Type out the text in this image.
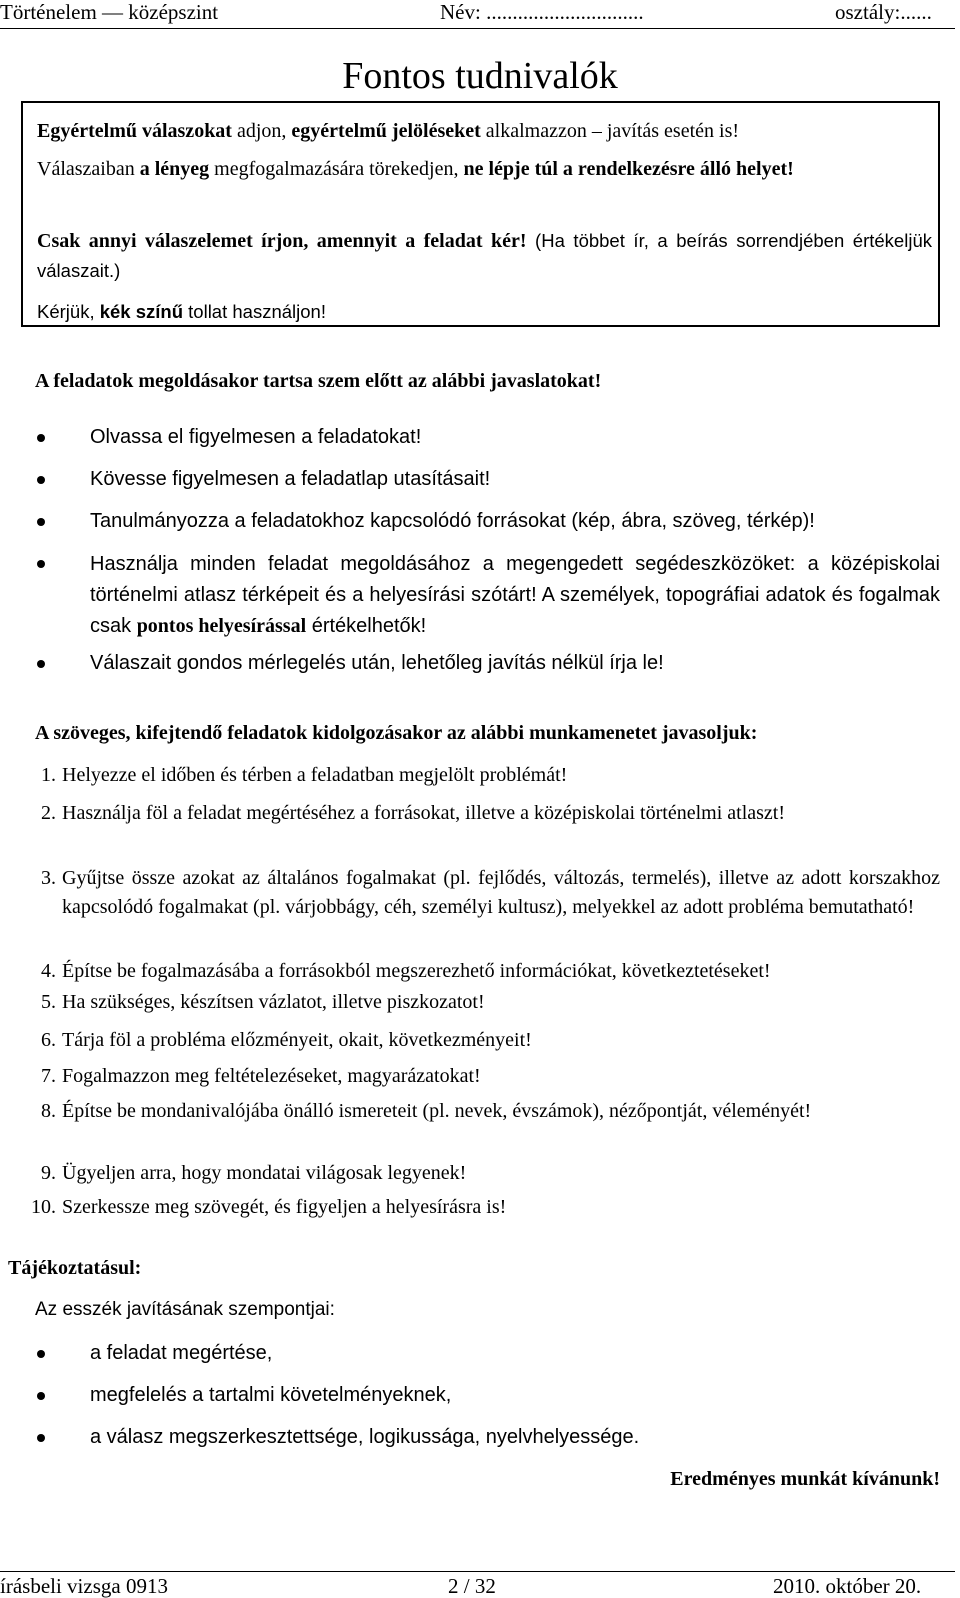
Történelem — középszint	Név: ..............................	osztály:......
Fontos tudnivalók

Egyértelmű válaszokat adjon, egyértelmű jelöléseket alkalmazzon – javítás esetén is!

Válaszaiban a lényeg megfogalmazására törekedjen, ne lépje túl a rendelkezésre álló helyet!

Csak annyi válaszelemet írjon, amennyit a feladat kér! (Ha többet ír, a beírás sorrendjében értékeljük válaszait.)

Kérjük, kék színű tollat használjon!

A feladatok megoldásakor tartsa szem előtt az alábbi javaslatokat!
Olvassa el figyelmesen a feladatokat!
Kövesse figyelmesen a feladatlap utasításait!
Tanulmányozza a feladatokhoz kapcsolódó forrásokat (kép, ábra, szöveg, térkép)!
Használja minden feladat megoldásához a megengedett segédeszközöket: a középiskolai történelmi atlasz térképeit és a helyesírási szótárt! A személyek, topográfiai adatok és fogalmak csak pontos helyesírással értékelhetők!
Válaszait gondos mérlegelés után, lehetőleg javítás nélkül írja le!
A szöveges, kifejtendő feladatok kidolgozásakor az alábbi munkamenetet javasoljuk:
1. Helyezze el időben és térben a feladatban megjelölt problémát!
2. Használja föl a feladat megértéséhez a forrásokat, illetve a középiskolai történelmi atlaszt!
3. Gyűjtse össze azokat az általános fogalmakat (pl. fejlődés, változás, termelés), illetve az adott korszakhoz kapcsolódó fogalmakat (pl. várjobbágy, céh, személyi kultusz), melyekkel az adott probléma bemutatható!
4. Építse be fogalmazásába a forrásokból megszerezhető információkat, következtetéseket!
5. Ha szükséges, készítsen vázlatot, illetve piszkozatot!
6. Tárja föl a probléma előzményeit, okait, következményeit!
7. Fogalmazzon meg feltételezéseket, magyarázatokat!
8. Építse be mondanivalójába önálló ismereteit (pl. nevek, évszámok), nézőpontját, véleményét!
9. Ügyeljen arra, hogy mondatai világosak legyenek!
10. Szerkessze meg szövegét, és figyeljen a helyesírásra is!
Tájékoztatásul:
Az esszék javításának szempontjai:
a feladat megértése,
megfelelés a tartalmi követelményeknek,
a válasz megszerkesztettsége, logikussága, nyelvhelyessége.
Eredményes munkát kívánunk!
írásbeli vizsga 0913	2 / 32	2010. október 20.
